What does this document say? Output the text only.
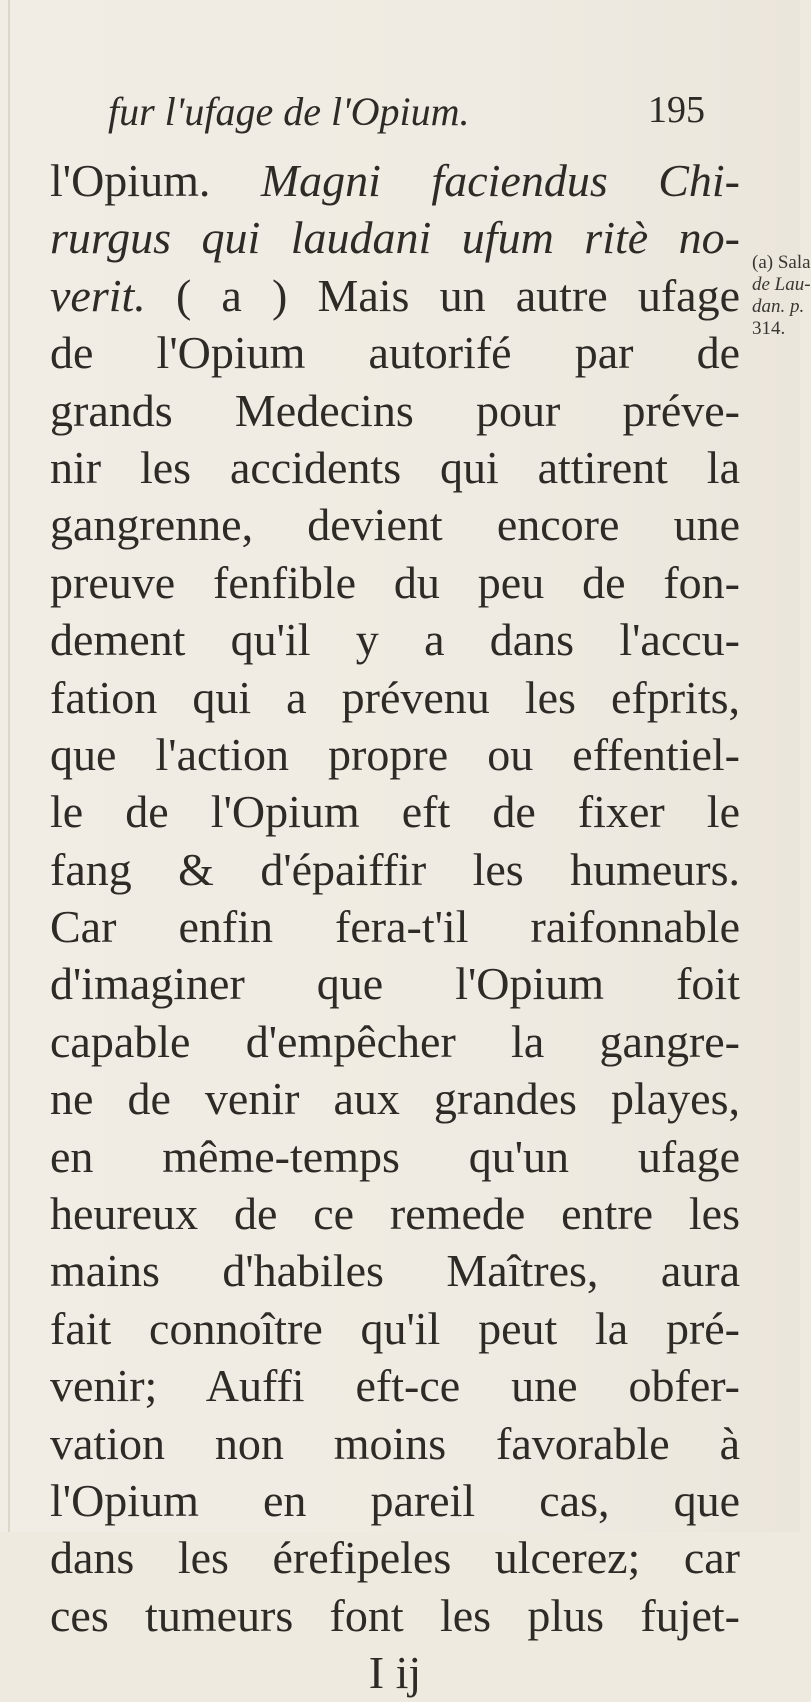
fur l'ufage de l'Opium.	195
l'Opium. Magni faciendus Chi-
rurgus qui laudani ufum ritè no-
verit. ( a ) Mais un autre ufage
de l'Opium autorifé par de
grands Medecins pour préve-
nir les accidents qui attirent la
gangrenne, devient encore une
preuve fenfible du peu de fon-
dement qu'il y a dans l'accu-
fation qui a prévenu les efprits,
que l'action propre ou effentiel-
le de l'Opium eft de fixer le
fang & d'épaiffir les humeurs.
Car enfin fera-t'il raifonnable
d'imaginer que l'Opium foit
capable d'empêcher la gangre-
ne de venir aux grandes playes,
en même-temps qu'un ufage
heureux de ce remede entre les
mains d'habiles Maîtres, aura
fait connoître qu'il peut la pré-
venir; Auffi eft-ce une obfer-
vation non moins favorable à
l'Opium en pareil cas, que
dans les érefipeles ulcerez; car
ces tumeurs font les plus fujet-
I ij
(a) Sala
de Lau-
dan. p.
314.
